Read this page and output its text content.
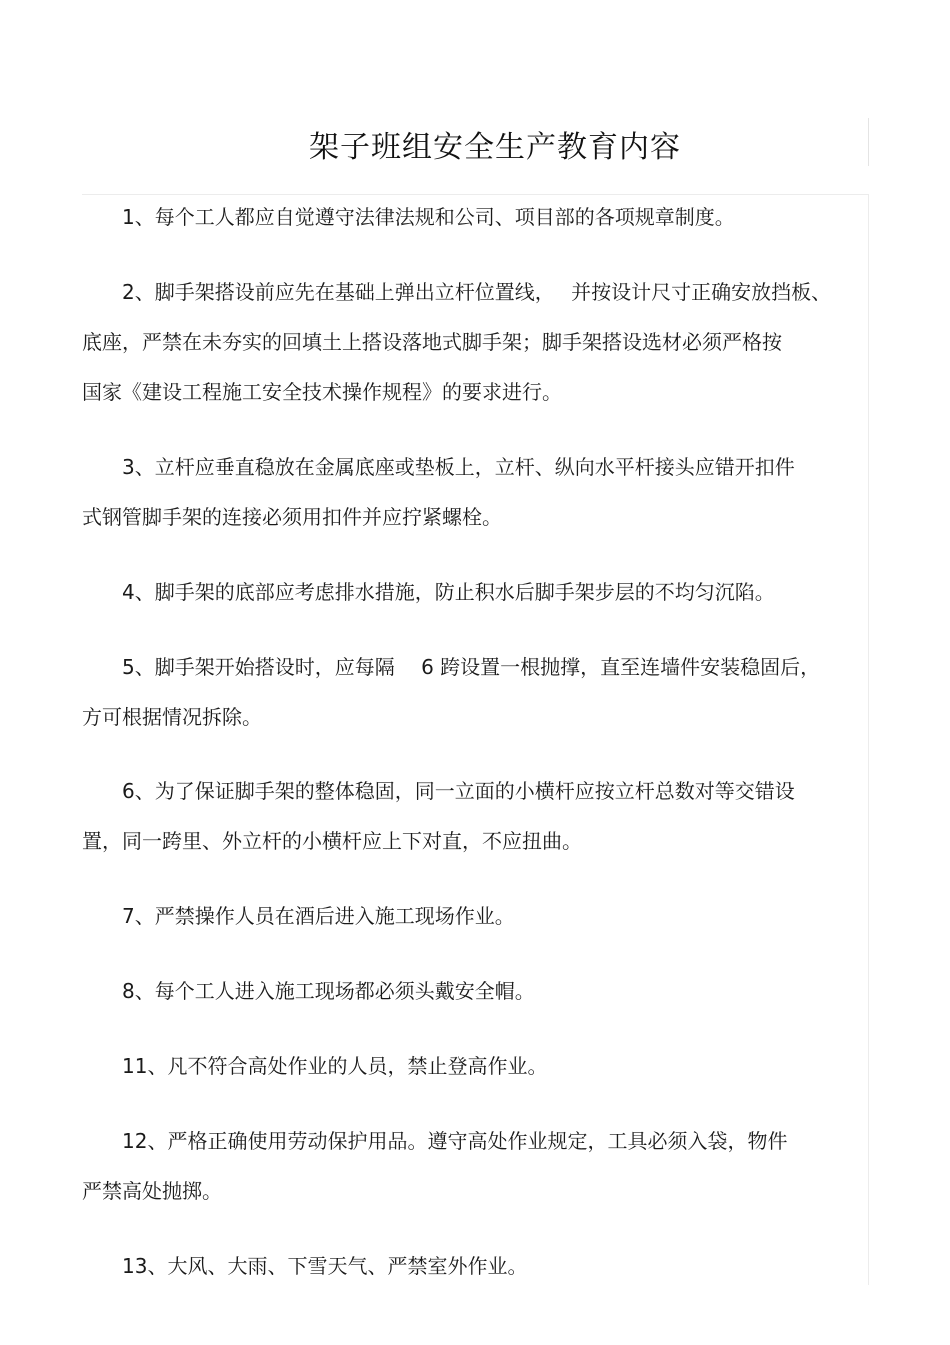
架子班组安全生产教育内容
1、每个工人都应自觉遵守法律法规和公司、项目部的各项规章制度。
2、脚手架搭设前应先在基础上弹出立杆位置线，　 并按设计尺寸正确安放挡板、
底座，严禁在未夯实的回填土上搭设落地式脚手架；脚手架搭设选材必须严格按
国家《建设工程施工安全技术操作规程》的要求进行。
3、立杆应垂直稳放在金属底座或垫板上，立杆、纵向水平杆接头应错开扣件
式钢管脚手架的连接必须用扣件并应拧紧螺栓。
4、脚手架的底部应考虑排水措施，防止积水后脚手架步层的不均匀沉陷。
5、脚手架开始搭设时，应每隔　 6 跨设置一根抛撑，直至连墙件安装稳固后，
方可根据情况拆除。
6、为了保证脚手架的整体稳固，同一立面的小横杆应按立杆总数对等交错设
置，同一跨里、外立杆的小横杆应上下对直，不应扭曲。
7、严禁操作人员在酒后进入施工现场作业。
8、每个工人进入施工现场都必须头戴安全帽。
11、凡不符合高处作业的人员，禁止登高作业。
12、严格正确使用劳动保护用品。遵守高处作业规定，工具必须入袋，物件
严禁高处抛掷。
13、大风、大雨、下雪天气、严禁室外作业。
